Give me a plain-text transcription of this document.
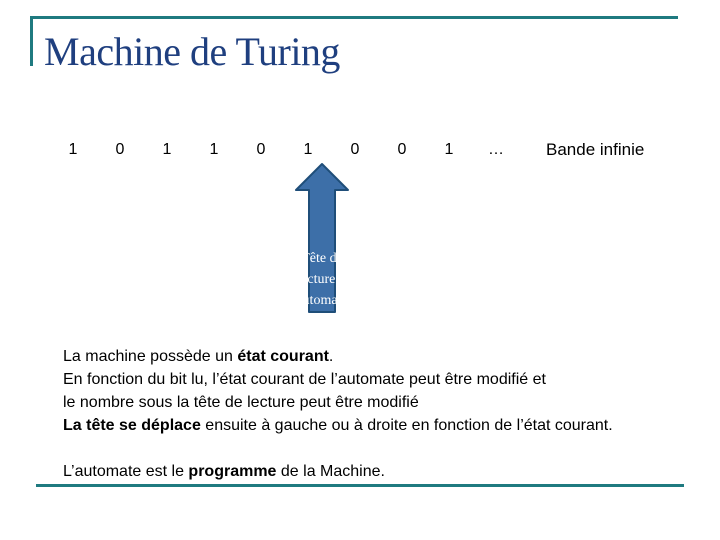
Machine de Turing
1	0	1	1	0	1	0	0	1	…	Bande infinie
Tête de
lecture +
automate

La machine possède un état courant.

En fonction du bit lu, l’état courant de l’automate peut être modifié et

le nombre sous la tête de lecture peut être modifié

La tête se déplace ensuite à gauche ou à droite en fonction de l’état courant.

L’automate est le programme de la Machine.
